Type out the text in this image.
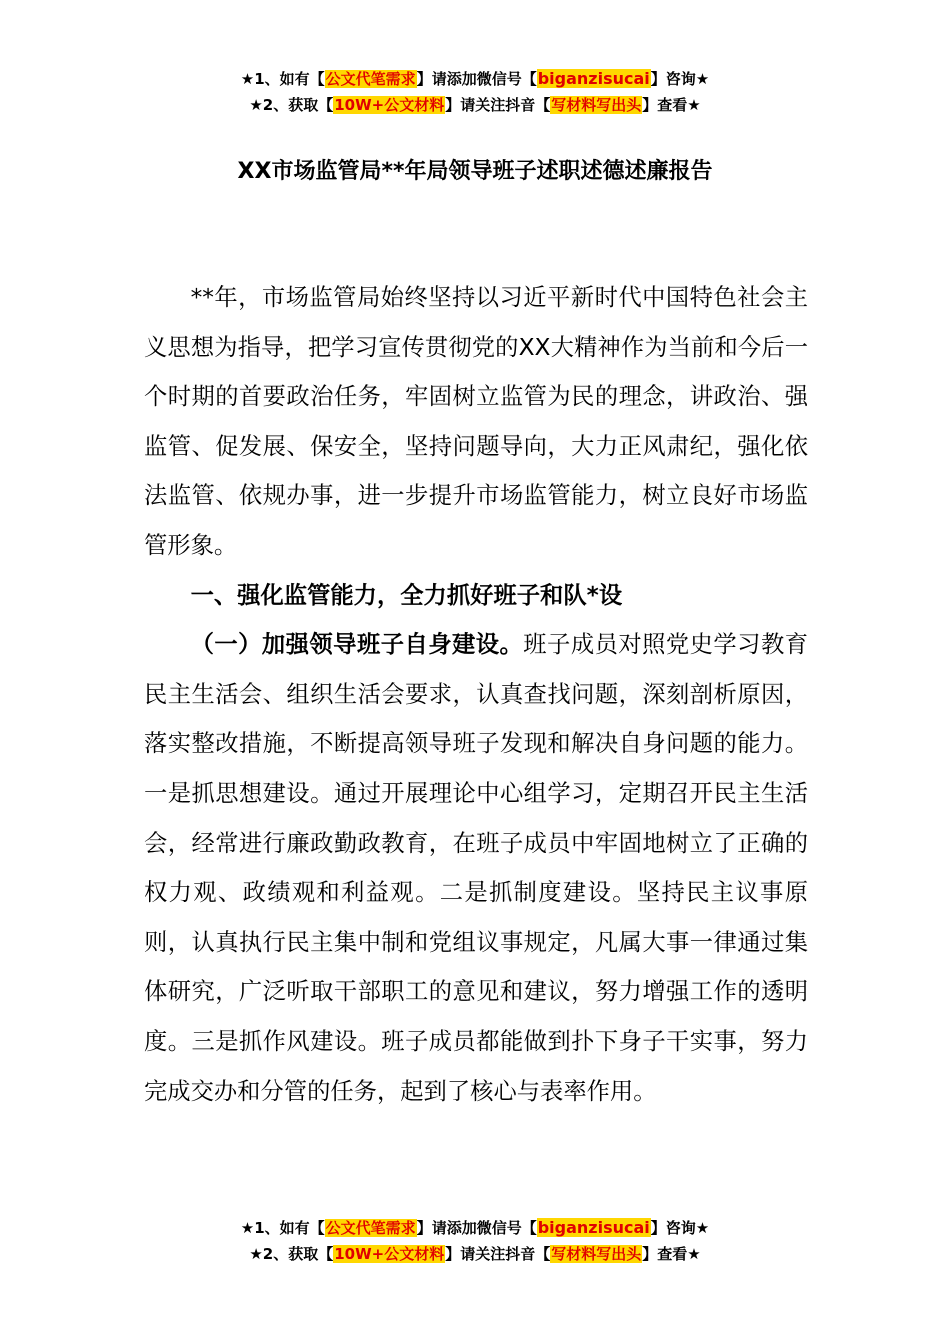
★1、如有【公文代笔需求】请添加微信号【biganzisucai】咨询★
★2、获取【10W+公文材料】请关注抖音【写材料写出头】查看★
XX市场监管局**年局领导班子述职述德述廉报告

**年，市场监管局始终坚持以习近平新时代中国特色社会主义思想为指导，把学习宣传贯彻党的XX大精神作为当前和今后一个时期的首要政治任务，牢固树立监管为民的理念，讲政治、强监管、促发展、保安全，坚持问题导向，大力正风肃纪，强化依法监管、依规办事，进一步提升市场监管能力，树立良好市场监管形象。

一、强化监管能力，全力抓好班子和队*设

（一）加强领导班子自身建设。班子成员对照党史学习教育民主生活会、组织生活会要求，认真查找问题，深刻剖析原因，落实整改措施，不断提高领导班子发现和解决自身问题的能力。一是抓思想建设。通过开展理论中心组学习，定期召开民主生活会，经常进行廉政勤政教育，在班子成员中牢固地树立了正确的权力观、政绩观和利益观。二是抓制度建设。坚持民主议事原则，认真执行民主集中制和党组议事规定，凡属大事一律通过集体研究，广泛听取干部职工的意见和建议，努力增强工作的透明度。三是抓作风建设。班子成员都能做到扑下身子干实事，努力完成交办和分管的任务，起到了核心与表率作用。

★1、如有【公文代笔需求】请添加微信号【biganzisucai】咨询★
★2、获取【10W+公文材料】请关注抖音【写材料写出头】查看★
